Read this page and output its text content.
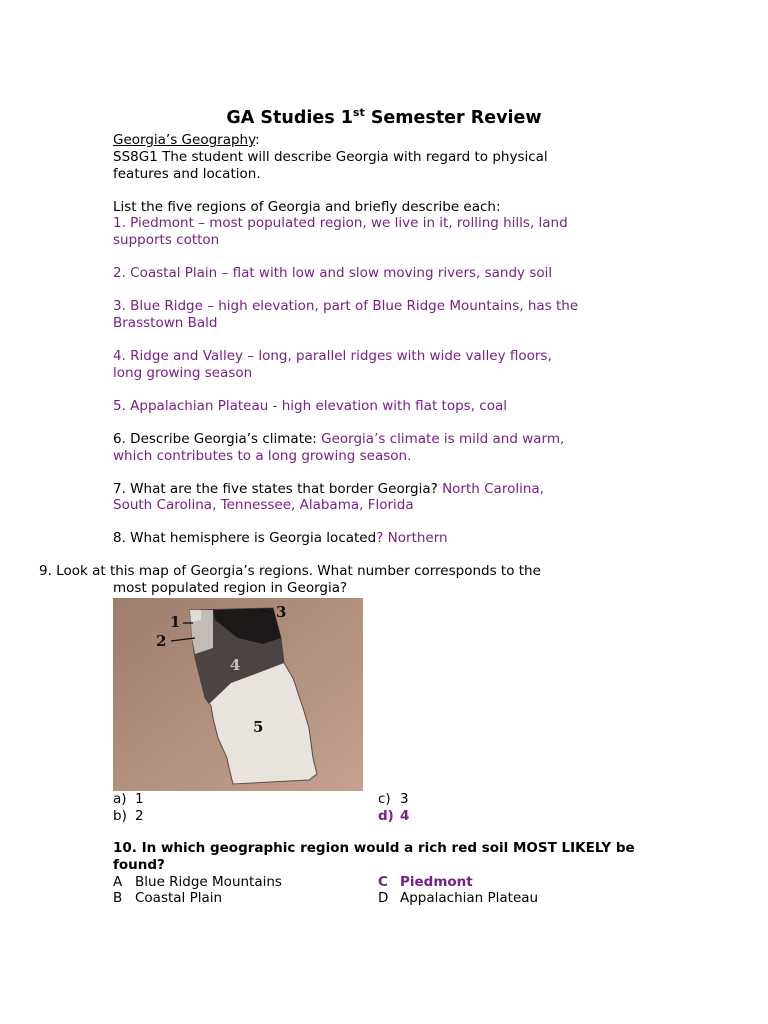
GA Studies 1st Semester Review
Georgia’s Geography:
SS8G1 The student will describe Georgia with regard to physical
features and location.
List the five regions of Georgia and briefly describe each:
1. Piedmont – most populated region, we live in it, rolling hills, land
supports cotton
2. Coastal Plain – flat with low and slow moving rivers, sandy soil
3. Blue Ridge – high elevation, part of Blue Ridge Mountains, has the
Brasstown Bald
4. Ridge and Valley – long, parallel ridges with wide valley floors,
long growing season
5. Appalachian Plateau - high elevation with flat tops, coal
6. Describe Georgia’s climate: Georgia’s climate is mild and warm,
which contributes to a long growing season.
7. What are the five states that border Georgia? North Carolina,
South Carolina, Tennessee, Alabama, Florida
8. What hemisphere is Georgia located? Northern
9. Look at this map of Georgia’s regions. What number corresponds to the
most populated region in Georgia?
1
2
3
4
5
a) 1
b) 2
c) 3
d) 4
10. In which geographic region would a rich red soil MOST LIKELY be
found?
A Blue Ridge Mountains
B Coastal Plain
C Piedmont
D Appalachian Plateau
